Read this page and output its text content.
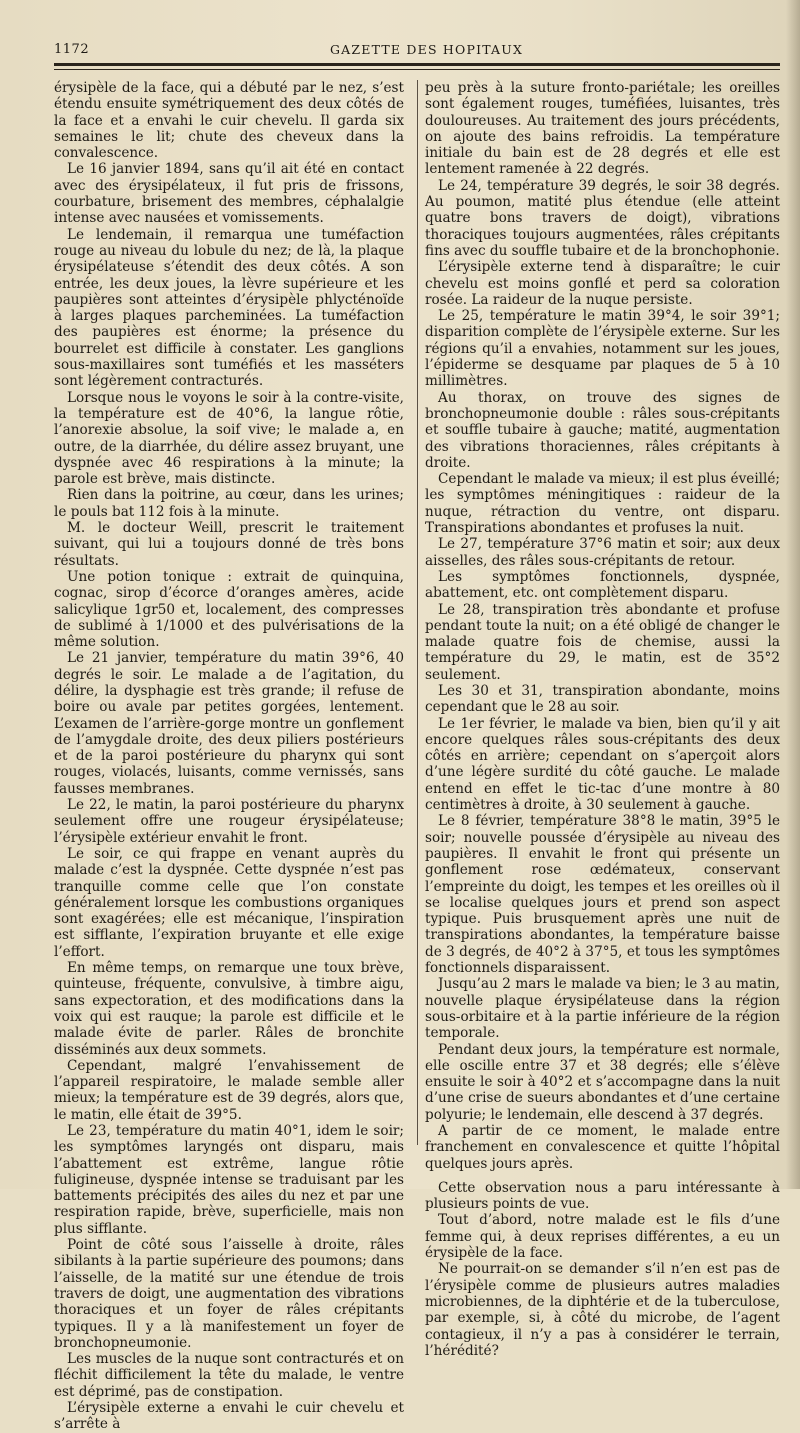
1172	GAZETTE DES HOPITAUX

érysipèle de la face, qui a débuté par le nez, s’est étendu ensuite symétriquement des deux côtés de la face et a envahi le cuir chevelu. Il garda six semaines le lit; chute des cheveux dans la convalescence.

Le 16 janvier 1894, sans qu’il ait été en contact avec des érysipélateux, il fut pris de frissons, courbature, brisement des membres, céphalalgie intense avec nausées et vomissements.

Le lendemain, il remarqua une tuméfaction rouge au niveau du lobule du nez; de là, la plaque érysipélateuse s’étendit des deux côtés. A son entrée, les deux joues, la lèvre supérieure et les paupières sont atteintes d’érysipèle phlycténoïde à larges plaques parcheminées. La tuméfaction des paupières est énorme; la présence du bourrelet est difficile à constater. Les ganglions sous-maxillaires sont tuméfiés et les masséters sont légèrement contracturés.

Lorsque nous le voyons le soir à la contre-visite, la température est de 40°6, la langue rôtie, l’anorexie absolue, la soif vive; le malade a, en outre, de la diarrhée, du délire assez bruyant, une dyspnée avec 46 respirations à la minute; la parole est brève, mais distincte.

Rien dans la poitrine, au cœur, dans les urines; le pouls bat 112 fois à la minute.

M. le docteur Weill, prescrit le traitement suivant, qui lui a toujours donné de très bons résultats.

Une potion tonique : extrait de quinquina, cognac, sirop d’écorce d’oranges amères, acide salicylique 1gr50 et, localement, des compresses de sublimé à 1/1000 et des pulvérisations de la même solution.

Le 21 janvier, température du matin 39°6, 40 degrés le soir. Le malade a de l’agitation, du délire, la dysphagie est très grande; il refuse de boire ou avale par petites gorgées, lentement. L’examen de l’arrière-gorge montre un gonflement de l’amygdale droite, des deux piliers postérieurs et de la paroi postérieure du pharynx qui sont rouges, violacés, luisants, comme vernissés, sans fausses membranes.

Le 22, le matin, la paroi postérieure du pharynx seulement offre une rougeur érysipélateuse; l’érysipèle extérieur envahit le front.

Le soir, ce qui frappe en venant auprès du malade c’est la dyspnée. Cette dyspnée n’est pas tranquille comme celle que l’on constate généralement lorsque les combustions organiques sont exagérées; elle est mécanique, l’inspiration est sifflante, l’expiration bruyante et elle exige l’effort.

En même temps, on remarque une toux brève, quinteuse, fréquente, convulsive, à timbre aigu, sans expectoration, et des modifications dans la voix qui est rauque; la parole est difficile et le malade évite de parler. Râles de bronchite disséminés aux deux sommets.

Cependant, malgré l’envahissement de l’appareil respiratoire, le malade semble aller mieux; la température est de 39 degrés, alors que, le matin, elle était de 39°5.

Le 23, température du matin 40°1, idem le soir; les symptômes laryngés ont disparu, mais l’abattement est extrême, langue rôtie fuligineuse, dyspnée intense se traduisant par les battements précipités des ailes du nez et par une respiration rapide, brève, superficielle, mais non plus sifflante.

Point de côté sous l’aisselle à droite, râles sibilants à la partie supérieure des poumons; dans l’aisselle, de la matité sur une étendue de trois travers de doigt, une augmentation des vibrations thoraciques et un foyer de râles crépitants typiques. Il y a là manifestement un foyer de bronchopneumonie.

Les muscles de la nuque sont contracturés et on fléchit difficilement la tête du malade, le ventre est déprimé, pas de constipation.

L’érysipèle externe a envahi le cuir chevelu et s’arrête à

peu près à la suture fronto-pariétale; les oreilles sont également rouges, tuméfiées, luisantes, très douloureuses. Au traitement des jours précédents, on ajoute des bains refroidis. La température initiale du bain est de 28 degrés et elle est lentement ramenée à 22 degrés.

Le 24, température 39 degrés, le soir 38 degrés. Au poumon, matité plus étendue (elle atteint quatre bons travers de doigt), vibrations thoraciques toujours augmentées, râles crépitants fins avec du souffle tubaire et de la bronchophonie.

L’érysipèle externe tend à disparaître; le cuir chevelu est moins gonflé et perd sa coloration rosée. La raideur de la nuque persiste.

Le 25, température le matin 39°4, le soir 39°1; disparition complète de l’érysipèle externe. Sur les régions qu’il a envahies, notamment sur les joues, l’épiderme se desquame par plaques de 5 à 10 millimètres.

Au thorax, on trouve des signes de bronchopneumonie double : râles sous-crépitants et souffle tubaire à gauche; matité, augmentation des vibrations thoraciennes, râles crépitants à droite.

Cependant le malade va mieux; il est plus éveillé; les symptômes méningitiques : raideur de la nuque, rétraction du ventre, ont disparu. Transpirations abondantes et profuses la nuit.

Le 27, température 37°6 matin et soir; aux deux aisselles, des râles sous-crépitants de retour.

Les symptômes fonctionnels, dyspnée, abattement, etc. ont complètement disparu.

Le 28, transpiration très abondante et profuse pendant toute la nuit; on a été obligé de changer le malade quatre fois de chemise, aussi la température du 29, le matin, est de 35°2 seulement.

Les 30 et 31, transpiration abondante, moins cependant que le 28 au soir.

Le 1er février, le malade va bien, bien qu’il y ait encore quelques râles sous-crépitants des deux côtés en arrière; cependant on s’aperçoit alors d’une légère surdité du côté gauche. Le malade entend en effet le tic-tac d’une montre à 80 centimètres à droite, à 30 seulement à gauche.

Le 8 février, température 38°8 le matin, 39°5 le soir; nouvelle poussée d’érysipèle au niveau des paupières. Il envahit le front qui présente un gonflement rose œdémateux, conservant l’empreinte du doigt, les tempes et les oreilles où il se localise quelques jours et prend son aspect typique. Puis brusquement après une nuit de transpirations abondantes, la température baisse de 3 degrés, de 40°2 à 37°5, et tous les symptômes fonctionnels disparaissent.

Jusqu’au 2 mars le malade va bien; le 3 au matin, nouvelle plaque érysipélateuse dans la région sous-orbitaire et à la partie inférieure de la région temporale.

Pendant deux jours, la température est normale, elle oscille entre 37 et 38 degrés; elle s’élève ensuite le soir à 40°2 et s’accompagne dans la nuit d’une crise de sueurs abondantes et d’une certaine polyurie; le lendemain, elle descend à 37 degrés.

A partir de ce moment, le malade entre franchement en convalescence et quitte l’hôpital quelques jours après.

Cette observation nous a paru intéressante à plusieurs points de vue.

Tout d’abord, notre malade est le fils d’une femme qui, à deux reprises différentes, a eu un érysipèle de la face.

Ne pourrait-on se demander s’il n’en est pas de l’érysipèle comme de plusieurs autres maladies microbiennes, de la diphtérie et de la tuberculose, par exemple, si, à côté du microbe, de l’agent contagieux, il n’y a pas à considérer le terrain, l’hérédité?
